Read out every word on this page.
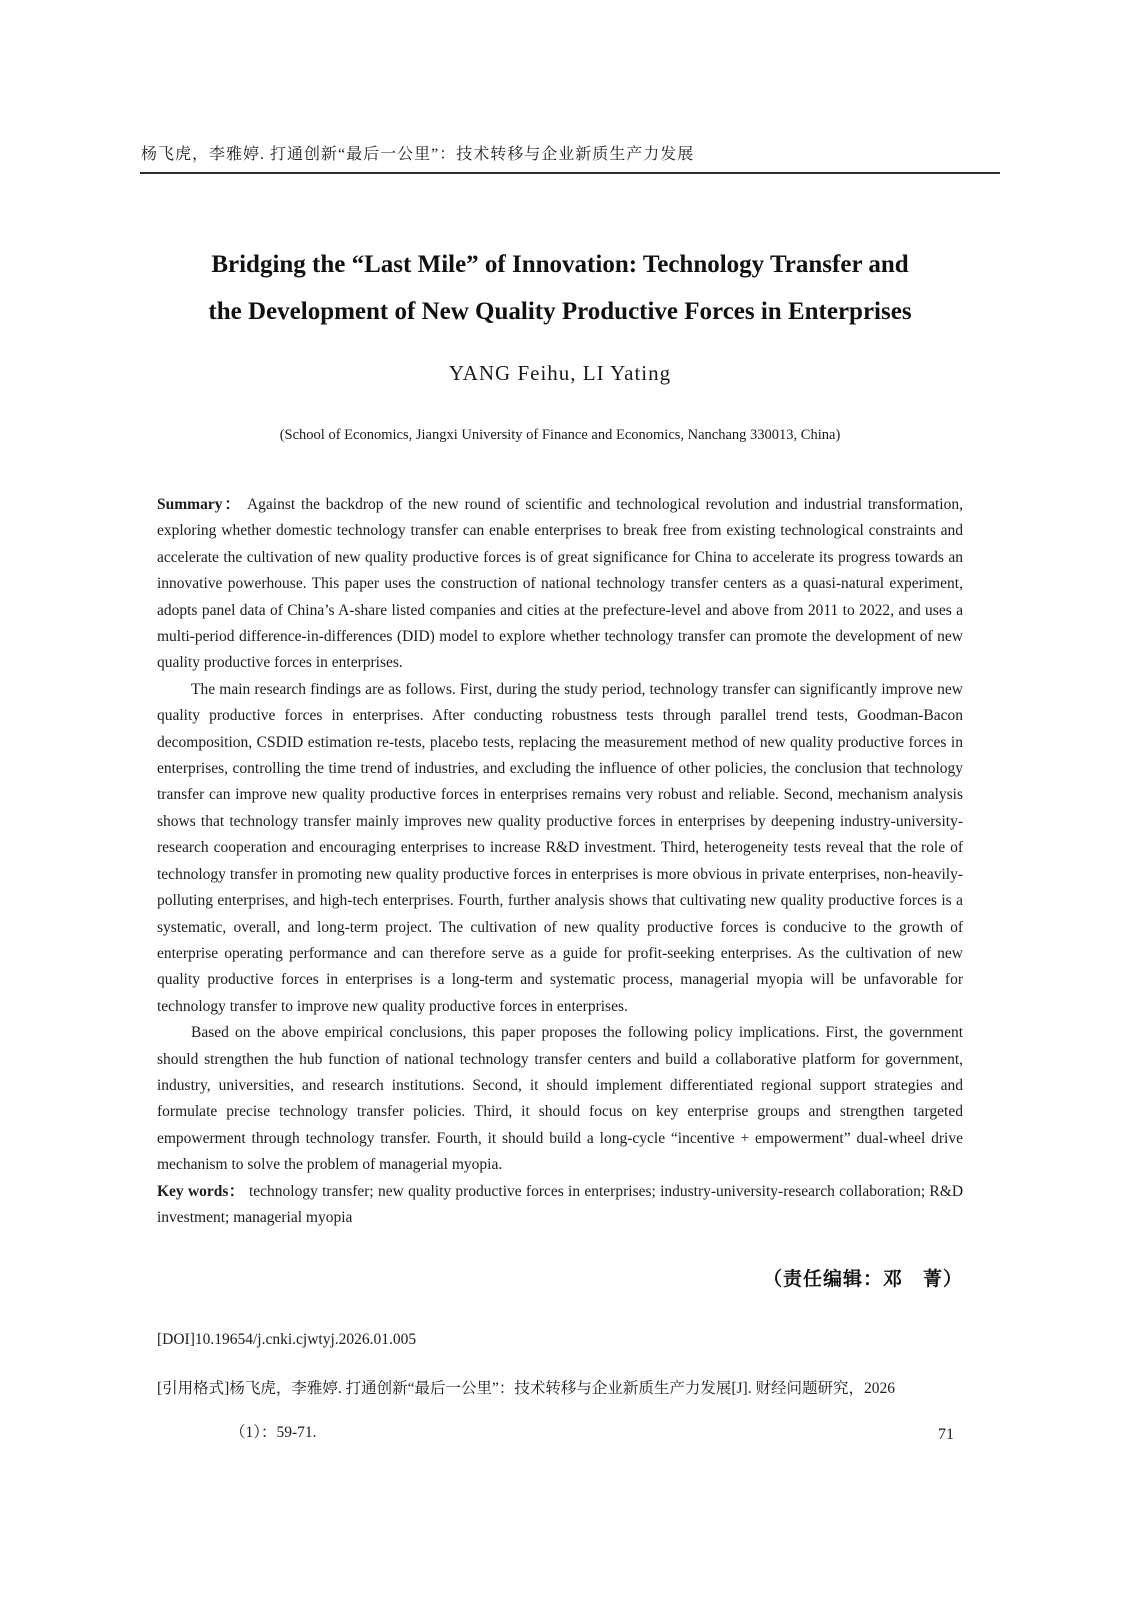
杨飞虎，李雅婷. 打通创新“最后一公里”：技术转移与企业新质生产力发展
Bridging the “Last Mile” of Innovation: Technology Transfer and
the Development of New Quality Productive Forces in Enterprises
YANG Feihu, LI Yating
(School of Economics, Jiangxi University of Finance and Economics, Nanchang 330013, China)

Summary： Against the backdrop of the new round of scientific and technological revolution and industrial transformation, exploring whether domestic technology transfer can enable enterprises to break free from existing technological constraints and accelerate the cultivation of new quality productive forces is of great significance for China to accelerate its progress towards an innovative powerhouse. This paper uses the construction of national technology transfer centers as a quasi-natural experiment, adopts panel data of China’s A-share listed companies and cities at the prefecture-level and above from 2011 to 2022, and uses a multi-period difference-in-differences (DID) model to explore whether technology transfer can promote the development of new quality productive forces in enterprises.

The main research findings are as follows. First, during the study period, technology transfer can significantly improve new quality productive forces in enterprises. After conducting robustness tests through parallel trend tests, Goodman-Bacon decomposition, CSDID estimation re-tests, placebo tests, replacing the measurement method of new quality productive forces in enterprises, controlling the time trend of industries, and excluding the influence of other policies, the conclusion that technology transfer can improve new quality productive forces in enterprises remains very robust and reliable. Second, mechanism analysis shows that technology transfer mainly improves new quality productive forces in enterprises by deepening industry-university-research cooperation and encouraging enterprises to increase R&D investment. Third, heterogeneity tests reveal that the role of technology transfer in promoting new quality productive forces in enterprises is more obvious in private enterprises, non-heavily-polluting enterprises, and high-tech enterprises. Fourth, further analysis shows that cultivating new quality productive forces is a systematic, overall, and long-term project. The cultivation of new quality productive forces is conducive to the growth of enterprise operating performance and can therefore serve as a guide for profit-seeking enterprises. As the cultivation of new quality productive forces in enterprises is a long-term and systematic process, managerial myopia will be unfavorable for technology transfer to improve new quality productive forces in enterprises.

Based on the above empirical conclusions, this paper proposes the following policy implications. First, the government should strengthen the hub function of national technology transfer centers and build a collaborative platform for government, industry, universities, and research institutions. Second, it should implement differentiated regional support strategies and formulate precise technology transfer policies. Third, it should focus on key enterprise groups and strengthen targeted empowerment through technology transfer. Fourth, it should build a long-cycle “incentive + empowerment” dual-wheel drive mechanism to solve the problem of managerial myopia.

Key words： technology transfer; new quality productive forces in enterprises; industry-university-research collaboration; R&D investment; managerial myopia

（责任编辑：邓　菁）
[DOI]10.19654/j.cnki.cjwtyj.2026.01.005
[引用格式]杨飞虎，李雅婷. 打通创新“最后一公里”：技术转移与企业新质生产力发展[J]. 财经问题研究，2026
（1）：59-71.	71
